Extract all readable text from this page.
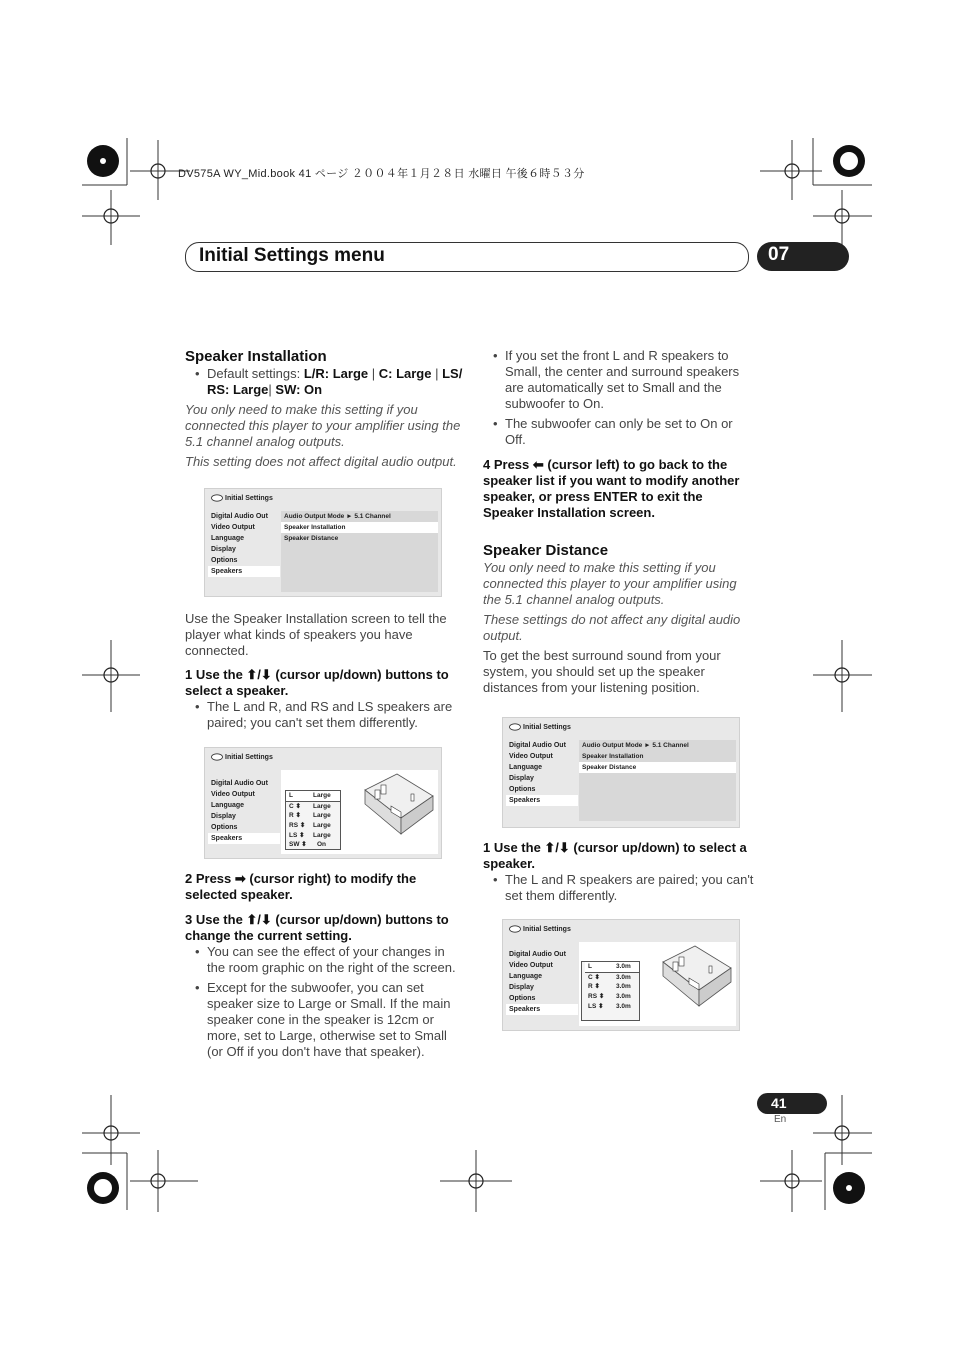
DV575A WY_Mid.book 41 ページ ２００４年１月２８日 水曜日 午後６時５３分
Initial Settings menu	07
Speaker Installation
• Default settings: L/R: Large | C: Large | LS/ RS: Large| SW: On

You only need to make this setting if you connected this player to your amplifier using the 5.1 channel analog outputs.

This setting does not affect digital audio output.

Initial Settings
Digital Audio Out
Video Output
Language
Display
Options
Speakers
Audio Output Mode ► 5.1 Channel
Speaker Installation
Speaker Distance

Use the Speaker Installation screen to tell the player what kinds of speakers you have connected.

1 Use the ⬆/⬇ (cursor up/down) buttons to select a speaker.

• The L and R, and RS and LS speakers are paired; you can't set them differently.
Initial Settings
Digital Audio Out
Video Output
Language
Display
Options
Speakers
L	Large
C ⬍ Large
R ⬍ Large
RS ⬍ Large
LS ⬍ Large
SW ⬍ On

2 Press ➡ (cursor right) to modify the selected speaker.

3 Use the ⬆/⬇ (cursor up/down) buttons to change the current setting.

• You can see the effect of your changes in the room graphic on the right of the screen.
• Except for the subwoofer, you can set speaker size to Large or Small. If the main speaker cone in the speaker is 12cm or more, set to Large, otherwise set to Small (or Off if you don't have that speaker).
• If you set the front L and R speakers to Small, the center and surround speakers are automatically set to Small and the subwoofer to On.
• The subwoofer can only be set to On or Off.

4 Press ⬅ (cursor left) to go back to the speaker list if you want to modify another speaker, or press ENTER to exit the Speaker Installation screen.

Speaker Distance

You only need to make this setting if you connected this player to your amplifier using the 5.1 channel analog outputs.

These settings do not affect any digital audio output.

To get the best surround sound from your system, you should set up the speaker distances from your listening position.

Initial Settings
Digital Audio Out
Video Output
Language
Display
Options
Speakers
Audio Output Mode ► 5.1 Channel
Speaker Installation
Speaker Distance

1 Use the ⬆/⬇ (cursor up/down) to select a speaker.

• The L and R speakers are paired; you can't set them differently.
Initial Settings
Digital Audio Out
Video Output
Language
Display
Options
Speakers
L	3.0m
C ⬍ 3.0m
R ⬍ 3.0m
RS ⬍ 3.0m
LS ⬍ 3.0m
41
En
